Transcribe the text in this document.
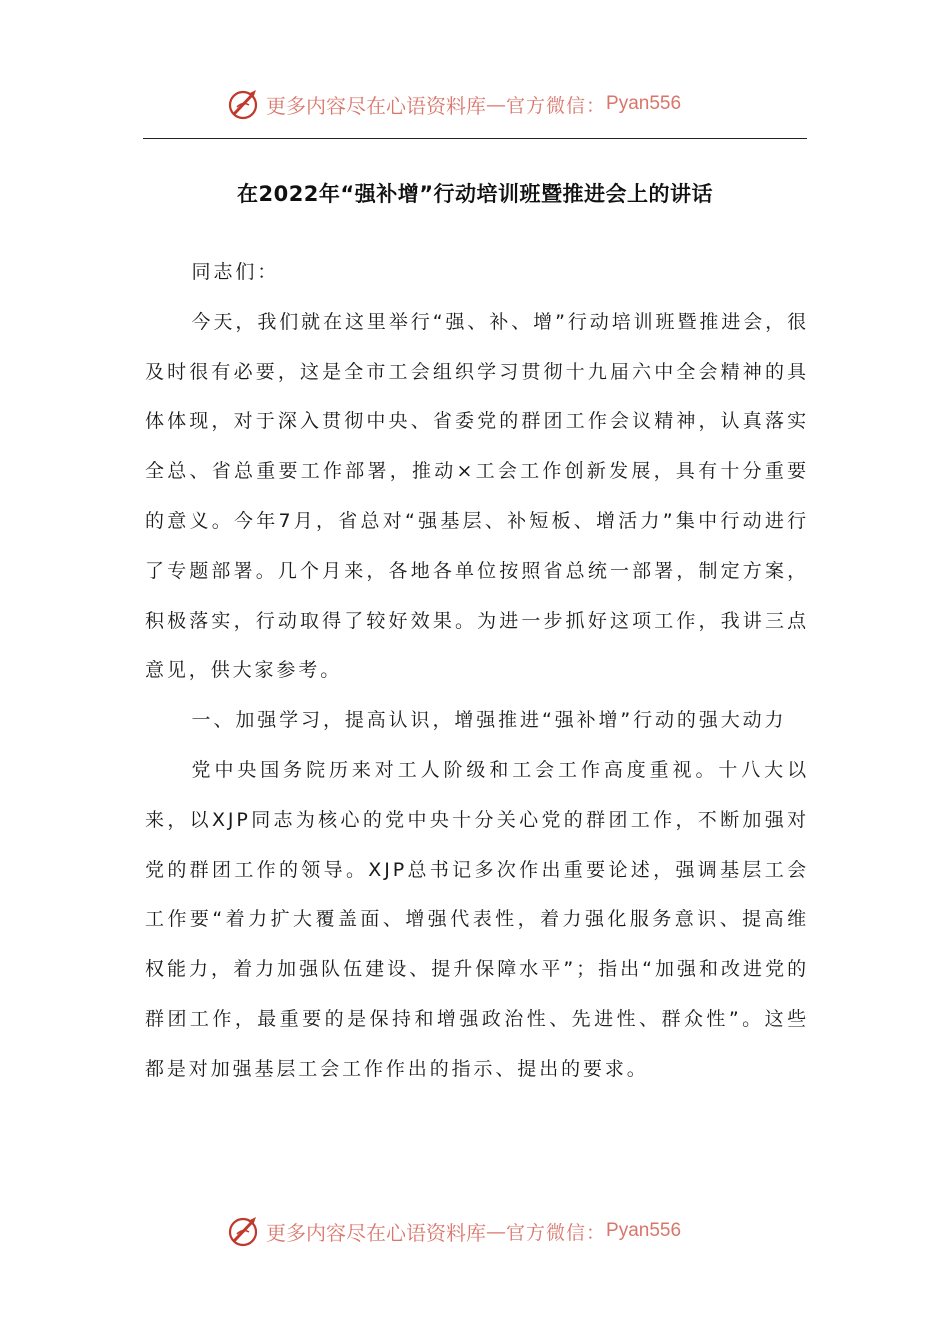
更多内容尽在心语资料库 — 官方微信： Pyan556
在2022年“强补增”行动培训班暨推进会上的讲话

同志们：

今天，我们就在这里举行“强、补、增”行动培训班暨推进会，很及时很有必要，这是全市工会组织学习贯彻十九届六中全会精神的具体体现，对于深入贯彻中央、省委党的群团工作会议精神，认真落实全总、省总重要工作部署，推动×工会工作创新发展，具有十分重要的意义。今年7月，省总对“强基层、补短板、增活力”集中行动进行了专题部署。几个月来，各地各单位按照省总统一部署，制定方案，积极落实，行动取得了较好效果。为进一步抓好这项工作，我讲三点意见，供大家参考。

一、加强学习，提高认识，增强推进“强补增”行动的强大动力

党中央国务院历来对工人阶级和工会工作高度重视。十八大以来，以XJP同志为核心的党中央十分关心党的群团工作，不断加强对党的群团工作的领导。XJP总书记多次作出重要论述，强调基层工会工作要“着力扩大覆盖面、增强代表性，着力强化服务意识、提高维权能力，着力加强队伍建设、提升保障水平”；指出“加强和改进党的群团工作，最重要的是保持和增强政治性、先进性、群众性”。这些都是对加强基层工会工作作出的指示、提出的要求。

更多内容尽在心语资料库 — 官方微信： Pyan556
